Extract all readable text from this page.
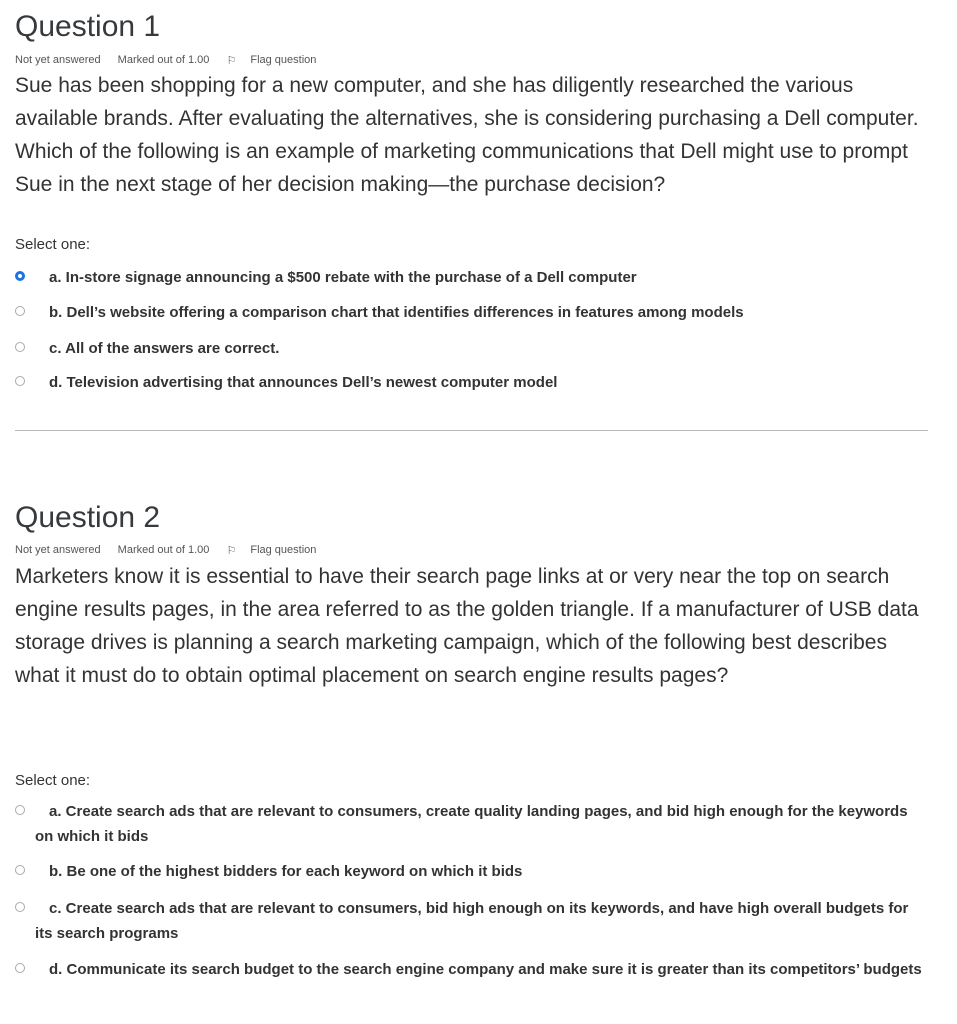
Question 1
Not yet answered Marked out of 1.00 ⚐ Flag question
Sue has been shopping for a new computer, and she has diligently researched the various available brands. After evaluating the alternatives, she is considering purchasing a Dell computer. Which of the following is an example of marketing communications that Dell might use to prompt Sue in the next stage of her decision making—the purchase decision?
Select one:
a. In-store signage announcing a $500 rebate with the purchase of a Dell computer
b. Dell’s website offering a comparison chart that identifies differences in features among models
c. All of the answers are correct.
d. Television advertising that announces Dell’s newest computer model
Question 2
Not yet answered Marked out of 1.00 ⚐ Flag question
Marketers know it is essential to have their search page links at or very near the top on search engine results pages, in the area referred to as the golden triangle. If a manufacturer of USB data storage drives is planning a search marketing campaign, which of the following best describes what it must do to obtain optimal placement on search engine results pages?
Select one:
a. Create search ads that are relevant to consumers, create quality landing pages, and bid high enough for the keywords on which it bids
b. Be one of the highest bidders for each keyword on which it bids
c. Create search ads that are relevant to consumers, bid high enough on its keywords, and have high overall budgets for its search programs
d. Communicate its search budget to the search engine company and make sure it is greater than its competitors’ budgets
